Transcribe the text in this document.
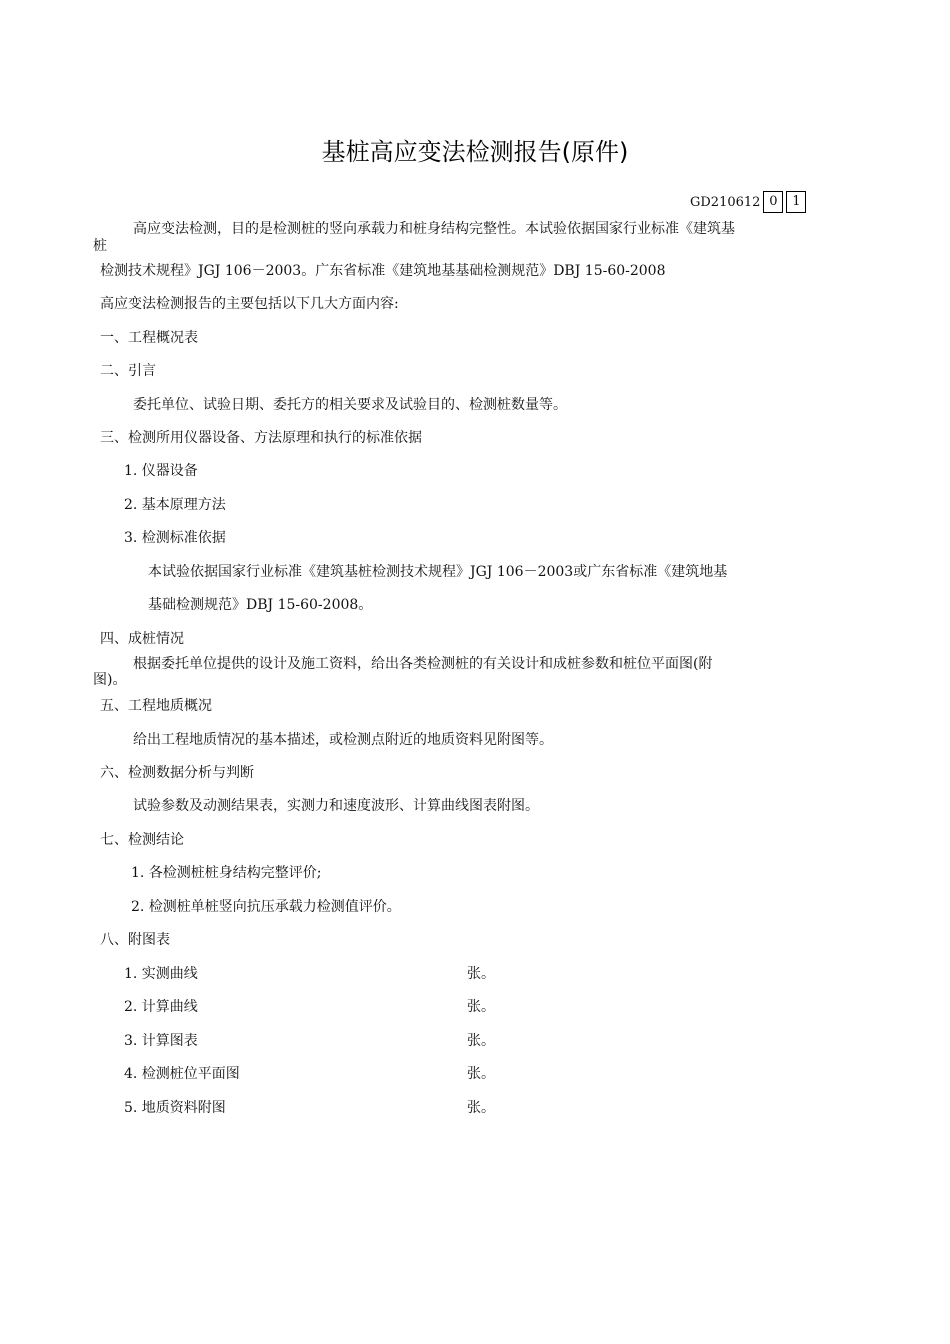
基桩高应变法检测报告(原件)
GD210612 0	1
高应变法检测，目的是检测桩的竖向承载力和桩身结构完整性。本试验依据国家行业标准《建筑基
桩
检测技术规程》JGJ 106－2003。广东省标准《建筑地基基础检测规范》DBJ 15-60-2008
高应变法检测报告的主要包括以下几大方面内容:
一、工程概况表
二、引言
委托单位、试验日期、委托方的相关要求及试验目的、检测桩数量等。
三、检测所用仪器设备、方法原理和执行的标准依据
1. 仪器设备
2. 基本原理方法
3. 检测标准依据
本试验依据国家行业标准《建筑基桩检测技术规程》JGJ 106－2003或广东省标准《建筑地基
基础检测规范》DBJ 15-60-2008。
四、成桩情况
根据委托单位提供的设计及施工资料，给出各类检测桩的有关设计和成桩参数和桩位平面图(附
图)。
五、工程地质概况
给出工程地质情况的基本描述，或检测点附近的地质资料见附图等。
六、检测数据分析与判断
试验参数及动测结果表，实测力和速度波形、计算曲线图表附图。
七、检测结论
1. 各检测桩桩身结构完整评价;
2. 检测桩单桩竖向抗压承载力检测值评价。
八、附图表
1. 实测曲线	张。
2. 计算曲线	张。
3. 计算图表	张。
4. 检测桩位平面图	张。
5. 地质资料附图	张。
